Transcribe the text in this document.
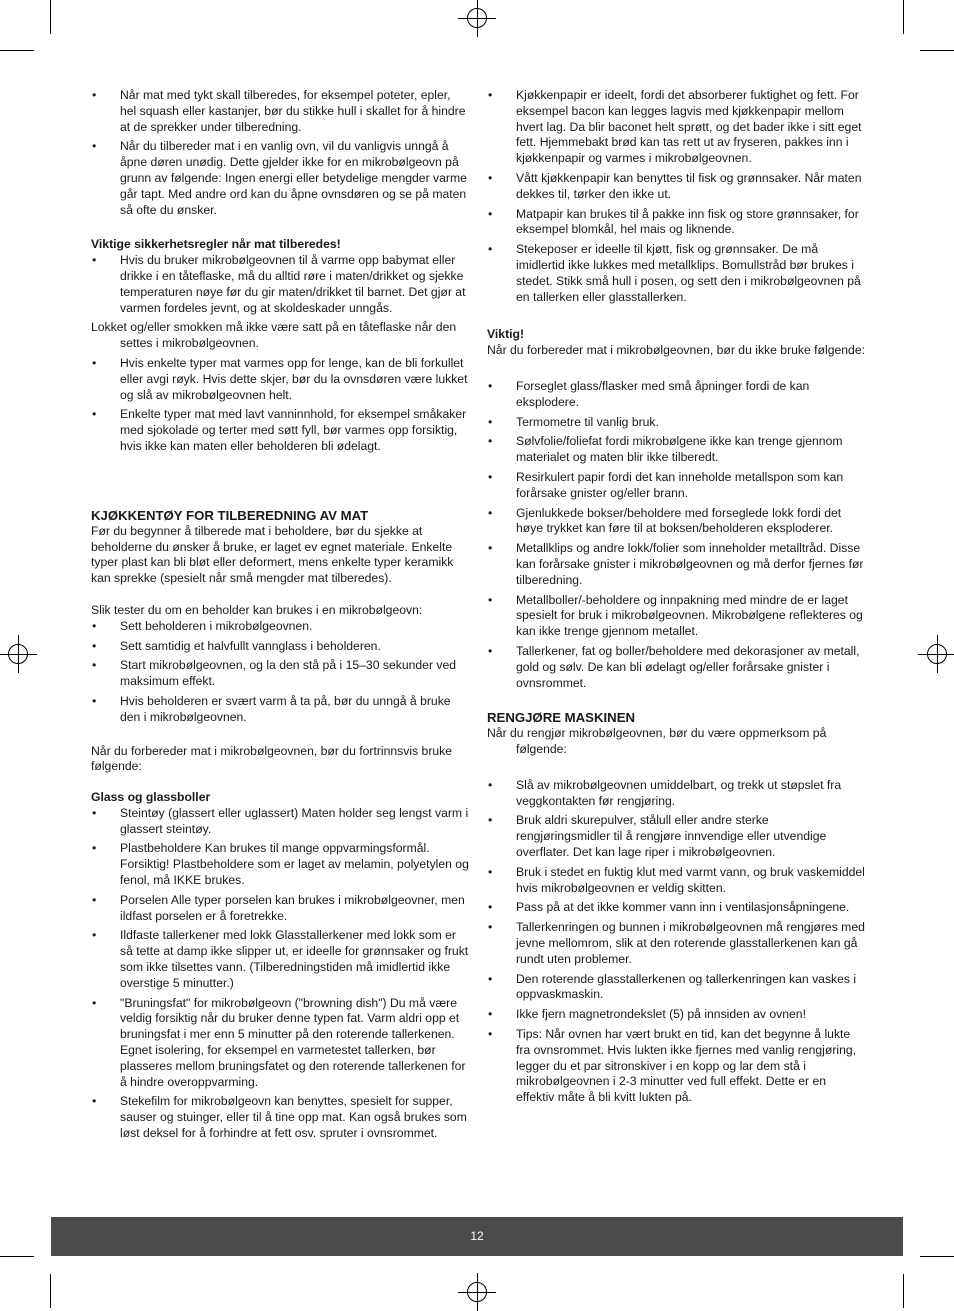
• Når mat med tykt skall tilberedes, for eksempel poteter, epler, hel squash eller kastanjer, bør du stikke hull i skallet for å hindre at de sprekker under tilberedning.
• Når du tilbereder mat i en vanlig ovn, vil du vanligvis unngå å åpne døren unødig. Dette gjelder ikke for en mikrobølgeovn på grunn av følgende: Ingen energi eller betydelige mengder varme går tapt. Med andre ord kan du åpne ovnsdøren og se på maten så ofte du ønsker.
Viktige sikkerhetsregler når mat tilberedes!
• Hvis du bruker mikrobølgeovnen til å varme opp babymat eller drikke i en tåteflaske, må du alltid røre i maten/drikket og sjekke temperaturen nøye før du gir maten/drikket til barnet. Det gjør at varmen fordeles jevnt, og at skoldeskader unngås.
Lokket og/eller smokken må ikke være satt på en tåteflaske når den settes i mikrobølgeovnen.
• Hvis enkelte typer mat varmes opp for lenge, kan de bli forkullet eller avgi røyk. Hvis dette skjer, bør du la ovnsdøren være lukket og slå av mikrobølgeovnen helt.
• Enkelte typer mat med lavt vanninnhold, for eksempel småkaker med sjokolade og terter med søtt fyll, bør varmes opp forsiktig, hvis ikke kan maten eller beholderen bli ødelagt.
KJØKKENTØY FOR TILBEREDNING AV MAT
Før du begynner å tilberede mat i beholdere, bør du sjekke at beholderne du ønsker å bruke, er laget ev egnet materiale. Enkelte typer plast kan bli bløt eller deformert, mens enkelte typer keramikk kan sprekke (spesielt når små mengder mat tilberedes).
Slik tester du om en beholder kan brukes i en mikrobølgeovn:
• Sett beholderen i mikrobølgeovnen.
• Sett samtidig et halvfullt vannglass i beholderen.
• Start mikrobølgeovnen, og la den stå på i 15–30 sekunder ved maksimum effekt.
• Hvis beholderen er svært varm å ta på, bør du unngå å bruke den i mikrobølgeovnen.
Når du forbereder mat i mikrobølgeovnen, bør du fortrinnsvis bruke følgende:
Glass og glassboller
• Steintøy (glassert eller uglassert) Maten holder seg lengst varm i glassert steintøy.
• Plastbeholdere Kan brukes til mange oppvarmingsformål. Forsiktig! Plastbeholdere som er laget av melamin, polyetylen og fenol, må IKKE brukes.
• Porselen Alle typer porselen kan brukes i mikrobølgeovner, men ildfast porselen er å foretrekke.
• Ildfaste tallerkener med lokk Glasstallerkener med lokk som er så tette at damp ikke slipper ut, er ideelle for grønnsaker og frukt som ikke tilsettes vann. (Tilberedningstiden må imidlertid ikke overstige 5 minutter.)
• "Bruningsfat" for mikrobølgeovn ("browning dish") Du må være veldig forsiktig når du bruker denne typen fat. Varm aldri opp et bruningsfat i mer enn 5 minutter på den roterende tallerkenen. Egnet isolering, for eksempel en varmetestet tallerken, bør plasseres mellom bruningsfatet og den roterende tallerkenen for å hindre overoppvarming.
• Stekefilm for mikrobølgeovn kan benyttes, spesielt for supper, sauser og stuinger, eller til å tine opp mat. Kan også brukes som løst deksel for å forhindre at fett osv. spruter i ovnsrommet.
• Kjøkkenpapir er ideelt, fordi det absorberer fuktighet og fett. For eksempel bacon kan legges lagvis med kjøkkenpapir mellom hvert lag. Da blir baconet helt sprøtt, og det bader ikke i sitt eget fett. Hjemmebakt brød kan tas rett ut av fryseren, pakkes inn i kjøkkenpapir og varmes i mikrobølgeovnen.
• Vått kjøkkenpapir kan benyttes til fisk og grønnsaker. Når maten dekkes til, tørker den ikke ut.
• Matpapir kan brukes til å pakke inn fisk og store grønnsaker, for eksempel blomkål, hel mais og liknende.
• Stekeposer er ideelle til kjøtt, fisk og grønnsaker. De må imidlertid ikke lukkes med metallklips. Bomullstråd bør brukes i stedet. Stikk små hull i posen, og sett den i mikrobølgeovnen på en tallerken eller glasstallerken.
Viktig!
Når du forbereder mat i mikrobølgeovnen, bør du ikke bruke følgende:
• Forseglet glass/flasker med små åpninger fordi de kan eksplodere.
• Termometre til vanlig bruk.
• Sølvfolie/foliefat fordi mikrobølgene ikke kan trenge gjennom materialet og maten blir ikke tilberedt.
• Resirkulert papir fordi det kan inneholde metallspon som kan forårsake gnister og/eller brann.
• Gjenlukkede bokser/beholdere med forseglede lokk fordi det høye trykket kan føre til at boksen/beholderen eksploderer.
• Metallklips og andre lokk/folier som inneholder metalltråd. Disse kan forårsake gnister i mikrobølgeovnen og må derfor fjernes før tilberedning.
• Metallboller/-beholdere og innpakning med mindre de er laget spesielt for bruk i mikrobølgeovnen. Mikrobølgene reflekteres og kan ikke trenge gjennom metallet.
• Tallerkener, fat og boller/beholdere med dekorasjoner av metall, gold og sølv. De kan bli ødelagt og/eller forårsake gnister i ovnsrommet.
RENGJØRE MASKINEN
Når du rengjør mikrobølgeovnen, bør du være oppmerksom på følgende:
• Slå av mikrobølgeovnen umiddelbart, og trekk ut støpslet fra veggkontakten før rengjøring.
• Bruk aldri skurepulver, stålull eller andre sterke rengjøringsmidler til å rengjøre innvendige eller utvendige overflater. Det kan lage riper i mikrobølgeovnen.
• Bruk i stedet en fuktig klut med varmt vann, og bruk vaskemiddel hvis mikrobølgeovnen er veldig skitten.
• Pass på at det ikke kommer vann inn i ventilasjonsåpningene.
• Tallerkenringen og bunnen i mikrobølgeovnen må rengjøres med jevne mellomrom, slik at den roterende glasstallerkenen kan gå rundt uten problemer.
• Den roterende glasstallerkenen og tallerkenringen kan vaskes i oppvaskmaskin.
• Ikke fjern magnetrondekslet (5) på innsiden av ovnen!
• Tips: Når ovnen har vært brukt en tid, kan det begynne å lukte fra ovnsrommet. Hvis lukten ikke fjernes med vanlig rengjøring, legger du et par sitronskiver i en kopp og lar dem stå i mikrobølgeovnen i 2-3 minutter ved full effekt. Dette er en effektiv måte å bli kvitt lukten på.
12
